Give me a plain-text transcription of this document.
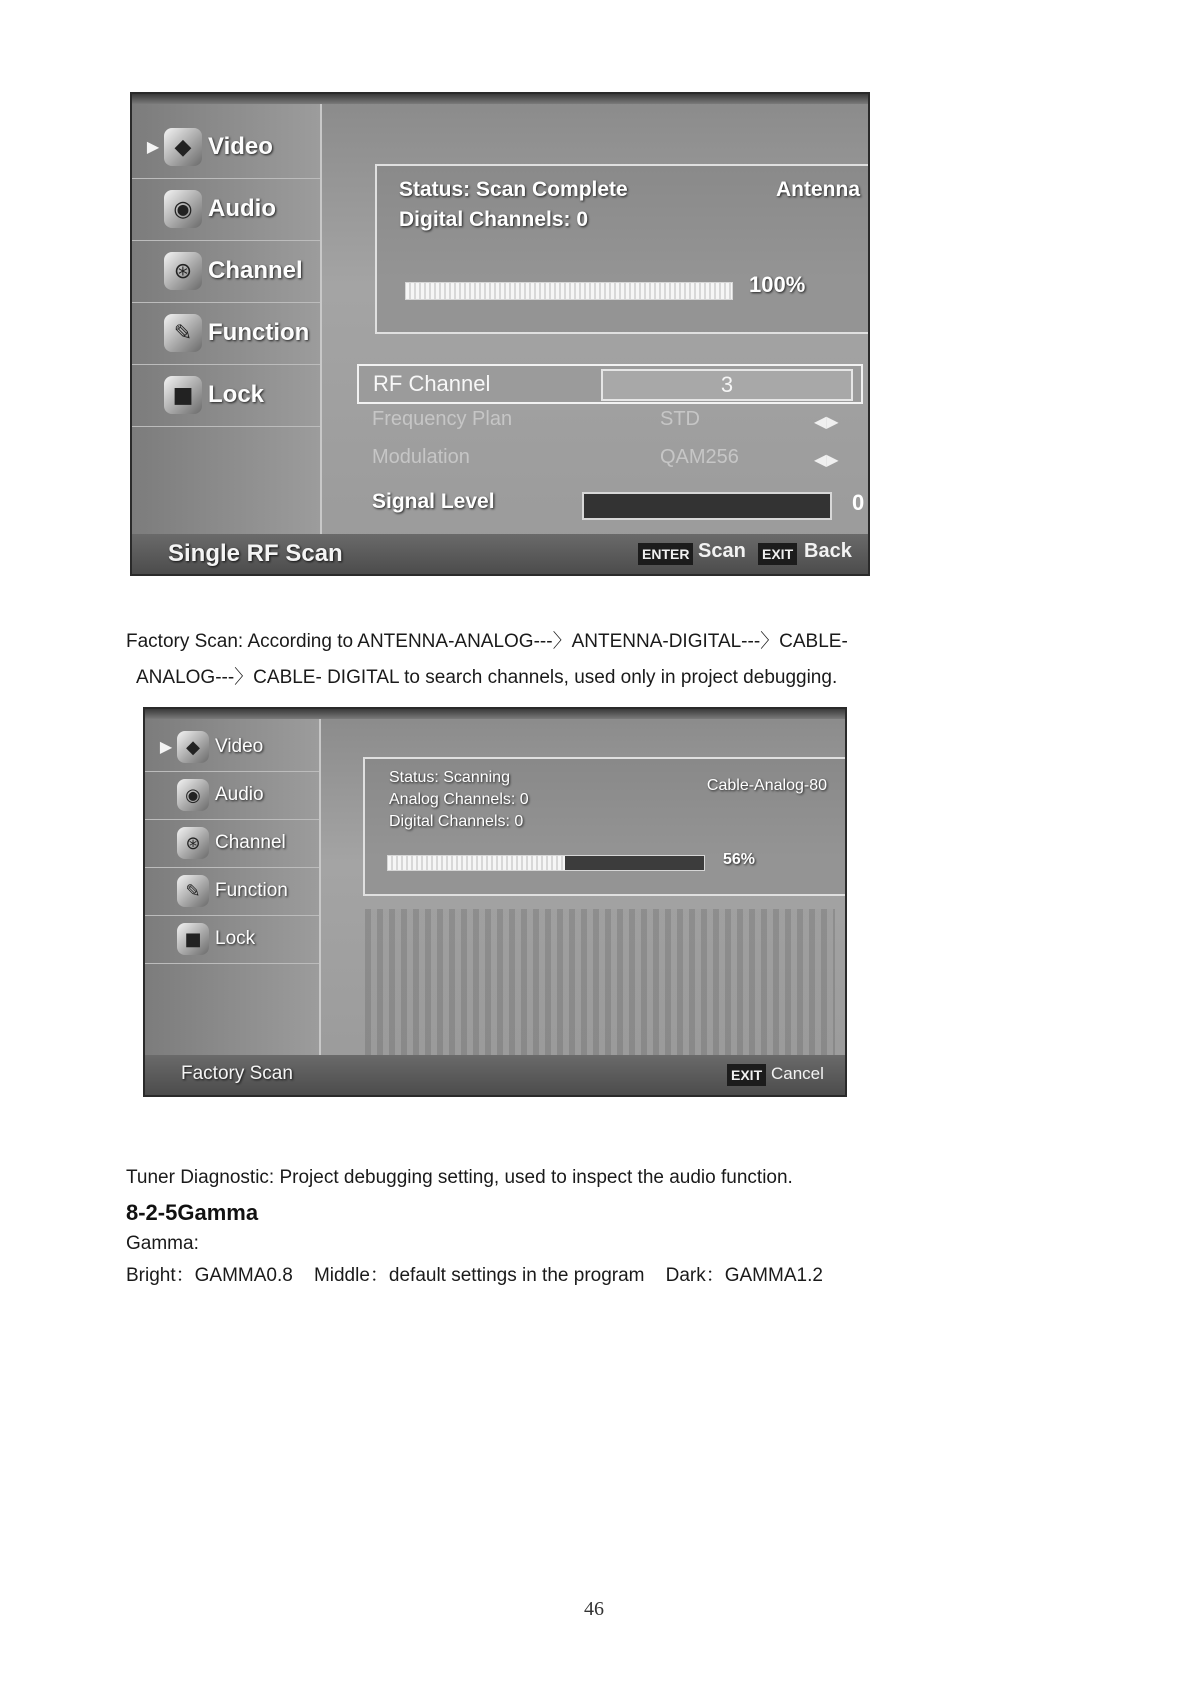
▶ ◆ Video
◉ Audio
⊛ Channel
✎ Function
■ Lock
Status: Scan Complete
Digital Channels: 0
Antenna
100%
RF Channel	3
Frequency Plan	STD	◀▶
Modulation	QAM256	◀▶
Signal Level	0
Single RF Scan	ENTER Scan EXIT Back
Factory Scan: According to ANTENNA-ANALOG---〉ANTENNA-DIGITAL---〉CABLE-
ANALOG---〉CABLE- DIGITAL to search channels, used only in project debugging.
▶ ◆ Video
◉ Audio
⊛ Channel
✎ Function
■ Lock
Status: Scanning
Analog Channels: 0
Digital Channels: 0
Cable-Analog-80
56%
Factory Scan	EXIT Cancel
Tuner Diagnostic: Project debugging setting, used to inspect the audio function.
8-2-5Gamma
Gamma:
Bright：GAMMA0.8    Middle：default settings in the program    Dark：GAMMA1.2
46
